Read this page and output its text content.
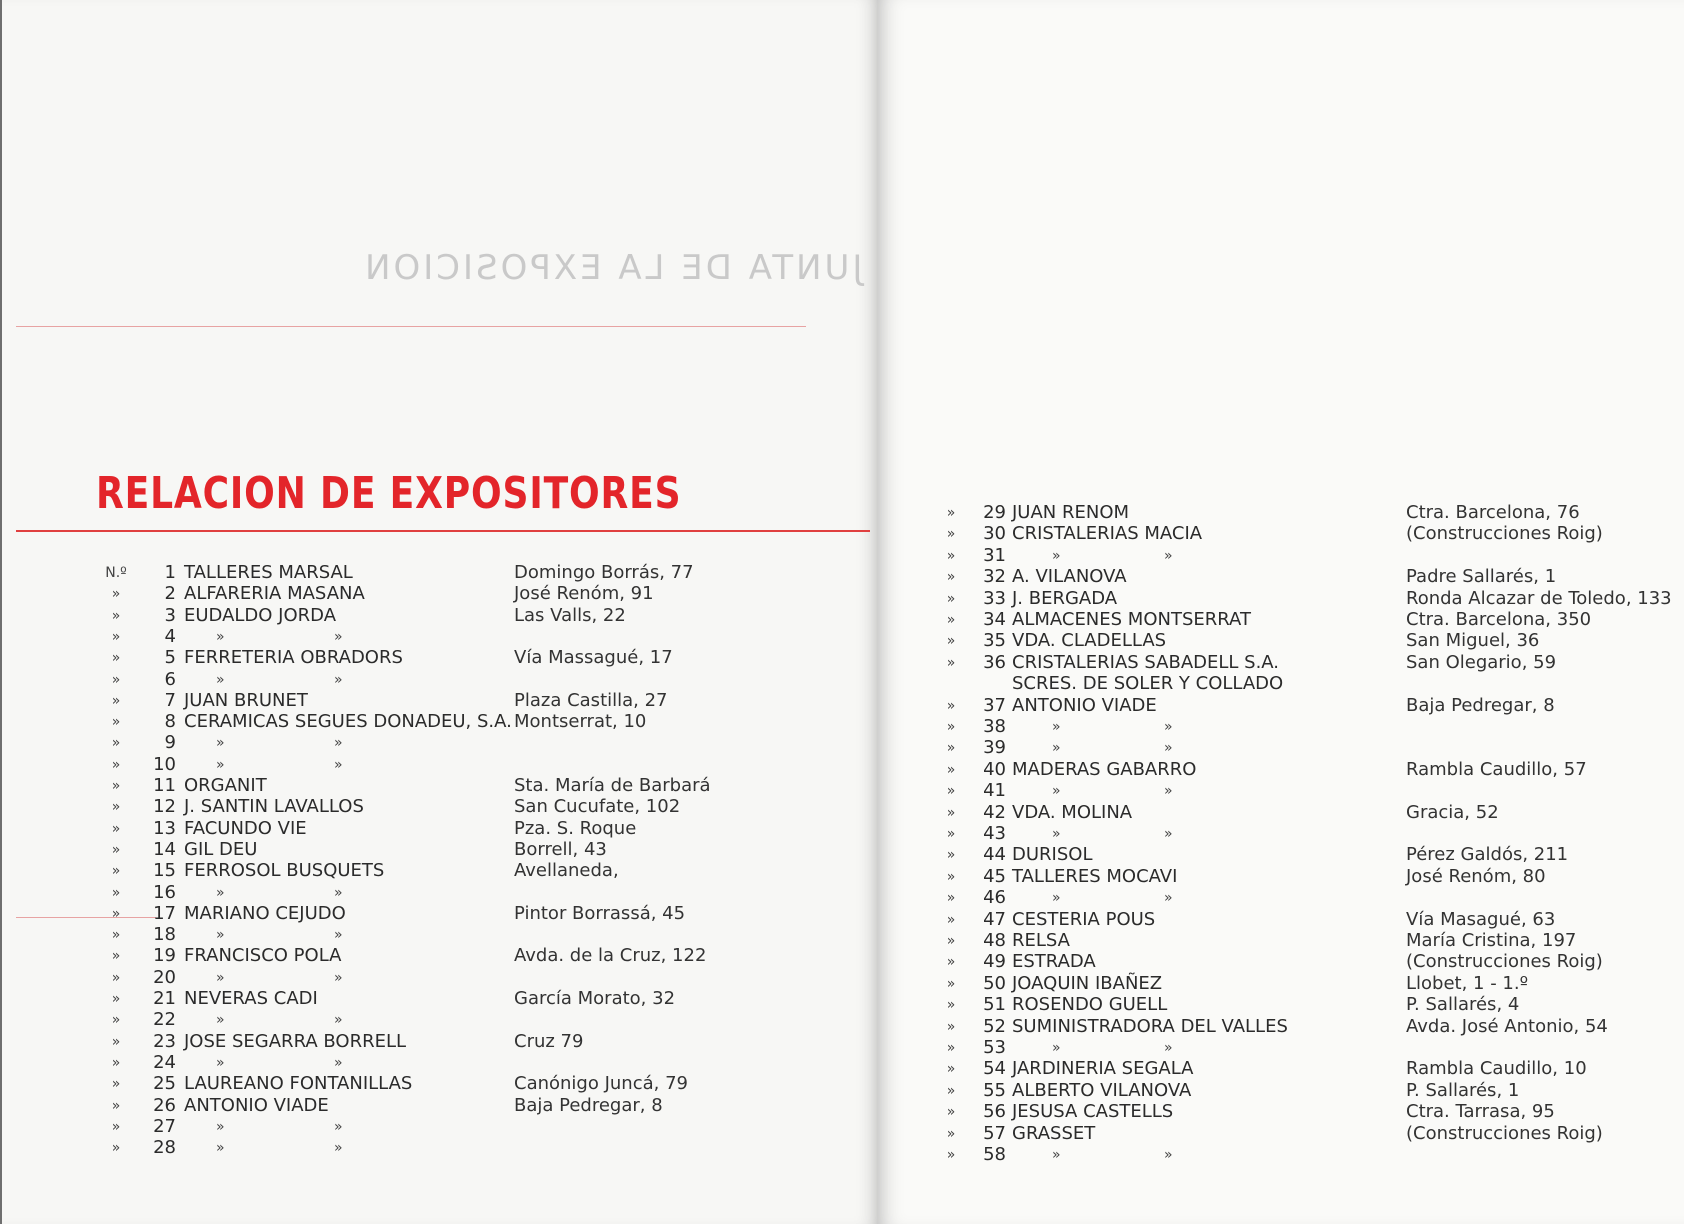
JUNTA DE LA EXPOSICION
RELACION DE EXPOSITORES
N.º	1 TALLERES MARSAL	Domingo Borrás, 77
»	2 ALFARERIA MASANA	José Renóm, 91
»	3 EUDALDO JORDA	Las Valls, 22
»	4	»	»
»	5 FERRETERIA OBRADORS	Vía Massagué, 17
»	6	»	»
»	7 JUAN BRUNET	Plaza Castilla, 27
»	8 CERAMICAS SEGUES DONADEU, S.A. Montserrat, 10
»	9	»	»
»	10	»	»
»	11 ORGANIT	Sta. María de Barbará
»	12 J. SANTIN LAVALLOS	San Cucufate, 102
»	13 FACUNDO VIE	Pza. S. Roque
»	14 GIL DEU	Borrell, 43
»	15 FERROSOL BUSQUETS	Avellaneda,
»	16	»	»
»	17 MARIANO CEJUDO	Pintor Borrassá, 45
»	18	»	»
»	19 FRANCISCO POLA	Avda. de la Cruz, 122
»	20	»	»
»	21 NEVERAS CADI	García Morato, 32
»	22	»	»
»	23 JOSE SEGARRA BORRELL	Cruz 79
»	24	»	»
»	25 LAUREANO FONTANILLAS	Canónigo Juncá, 79
»	26 ANTONIO VIADE	Baja Pedregar, 8
»	27	»	»
»	28	»	»
»	29 JUAN RENOM	Ctra. Barcelona, 76
»	30 CRISTALERIAS MACIA	(Construcciones Roig)
»	31	»	»
»	32 A. VILANOVA	Padre Sallarés, 1
»	33 J. BERGADA	Ronda Alcazar de Toledo, 133
»	34 ALMACENES MONTSERRAT	Ctra. Barcelona, 350
»	35 VDA. CLADELLAS	San Miguel, 36
»	36 CRISTALERIAS SABADELL S.A.	San Olegario, 59
SCRES. DE SOLER Y COLLADO
»	37 ANTONIO VIADE	Baja Pedregar, 8
»	38	»	»
»	39	»	»
»	40 MADERAS GABARRO	Rambla Caudillo, 57
»	41	»	»
»	42 VDA. MOLINA	Gracia, 52
»	43	»	»
»	44 DURISOL	Pérez Galdós, 211
»	45 TALLERES MOCAVI	José Renóm, 80
»	46	»	»
»	47 CESTERIA POUS	Vía Masagué, 63
»	48 RELSA	María Cristina, 197
»	49 ESTRADA	(Construcciones Roig)
»	50 JOAQUIN IBAÑEZ	Llobet, 1 - 1.º
»	51 ROSENDO GUELL	P. Sallarés, 4
»	52 SUMINISTRADORA DEL VALLES	Avda. José Antonio, 54
»	53	»	»
»	54 JARDINERIA SEGALA	Rambla Caudillo, 10
»	55 ALBERTO VILANOVA	P. Sallarés, 1
»	56 JESUSA CASTELLS	Ctra. Tarrasa, 95
»	57 GRASSET	(Construcciones Roig)
»	58	»	»
